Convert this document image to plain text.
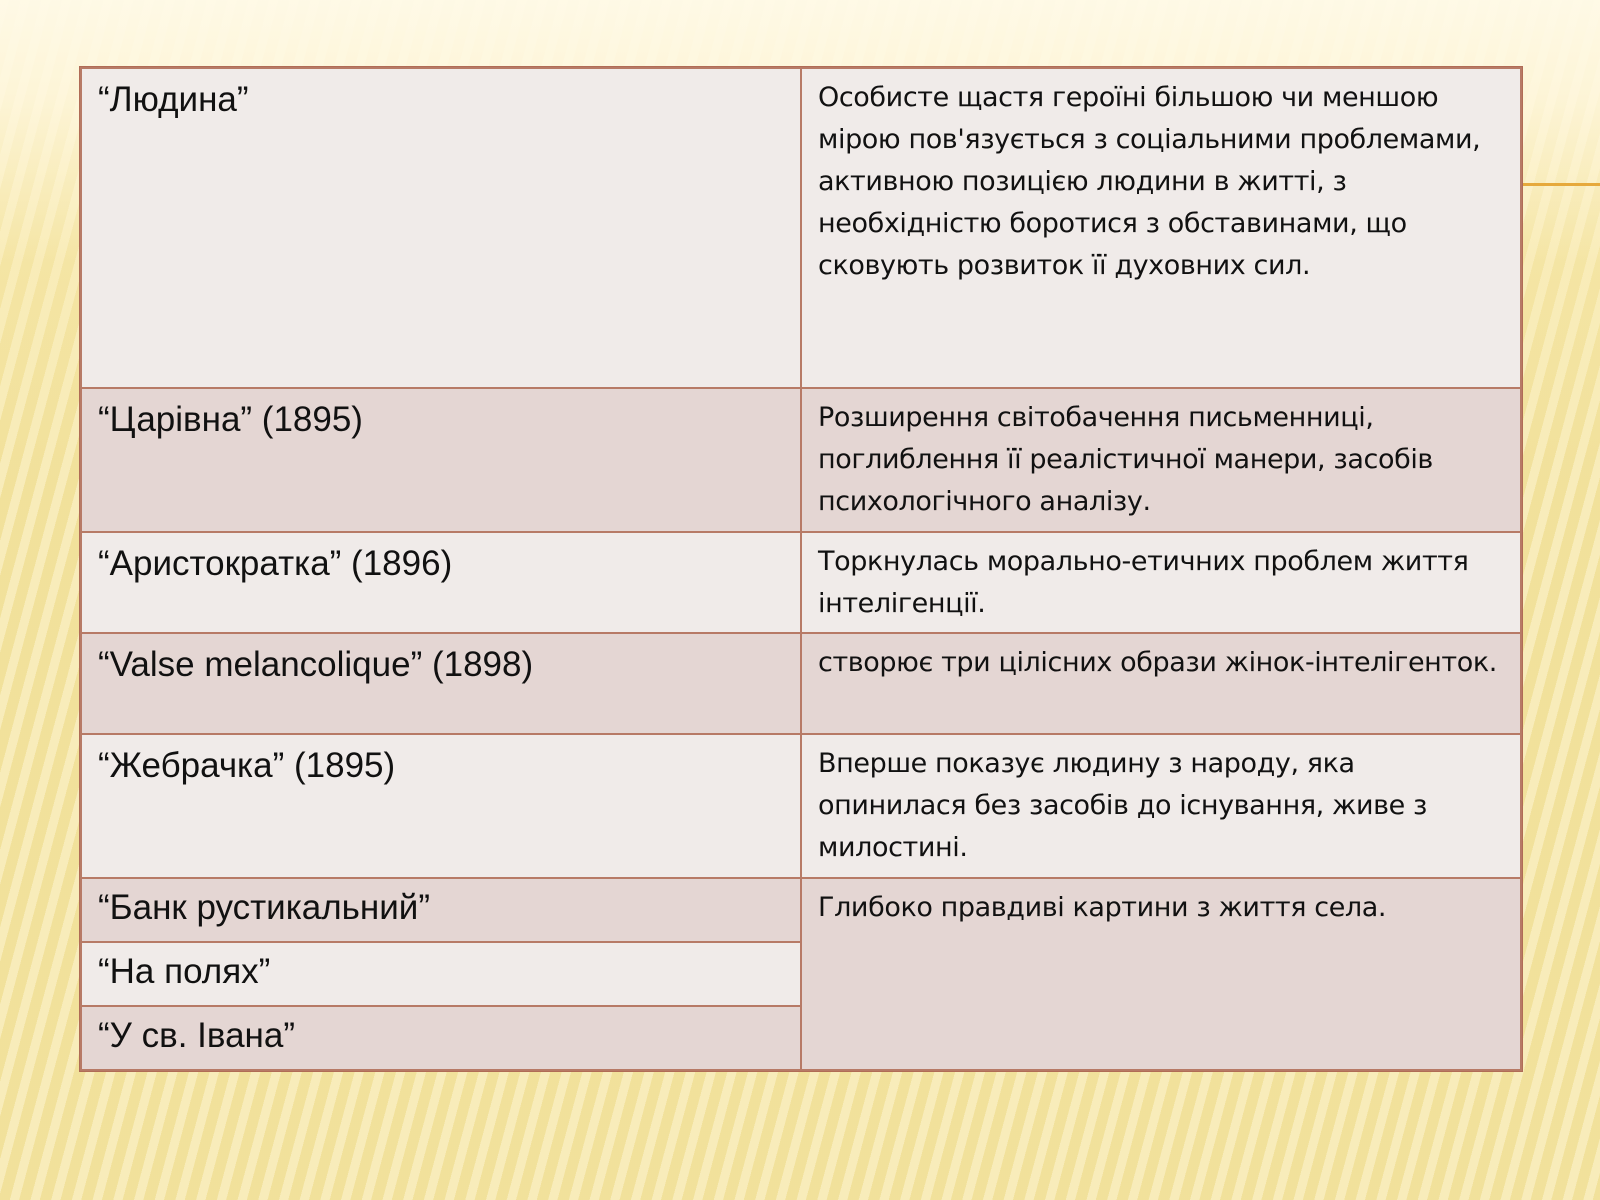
“Людина”	Особисте щастя героїні більшою чи меншою мірою пов'язується з соціальними проблемами, активною позицією людини в житті, з необхідністю боротися з обставинами, що сковують розвиток її духовних сил.
“Царівна” (1895)	Розширення світобачення письменниці, поглиблення її реалістичної манери, засобів психологічного аналізу.
“Аристократка” (1896)	Торкнулась морально-етичних проблем життя інтелігенції.
“Valse melancolique” (1898)	створює три цілісних образи жінок-інтелігенток.
“Жебрачка” (1895)	Вперше показує людину з народу, яка опинилася без засобів до існування, живе з милостині.
“Банк рустикальний”	Глибоко правдиві картини з життя села.
“На полях”	
“У св. Івана”	
